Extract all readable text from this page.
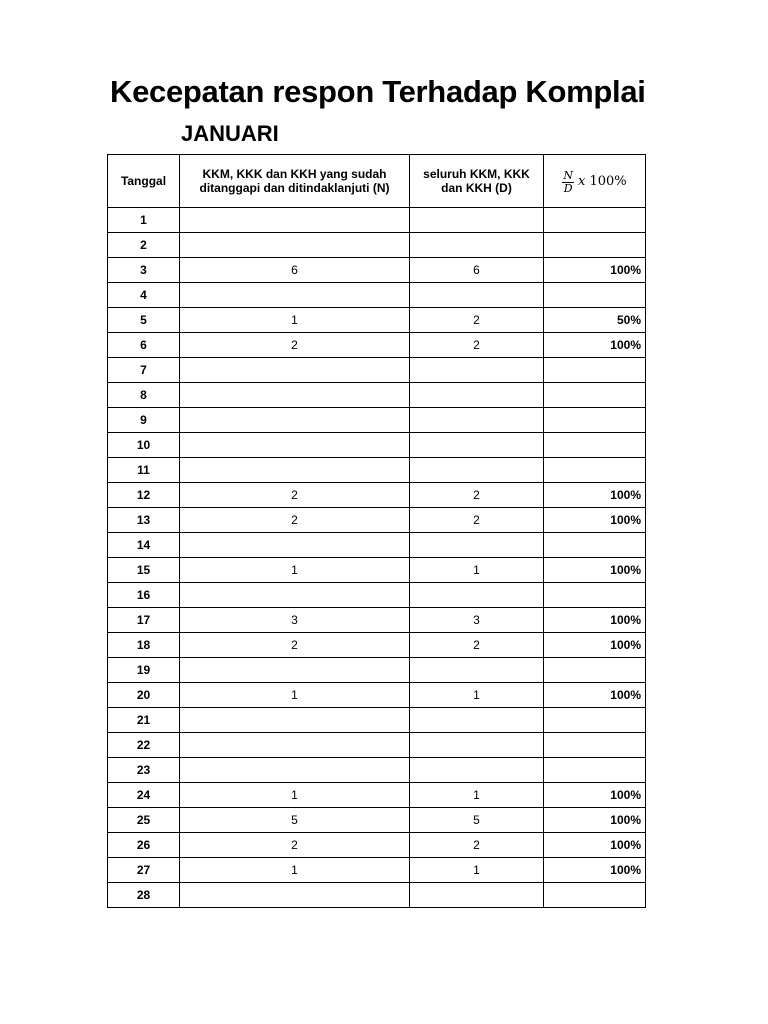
Kecepatan respon Terhadap Komplai
JANUARI
Tanggal	KKM, KKK dan KKH yang sudah ditanggapi dan ditindaklanjuti (N)	seluruh KKM, KKK dan KKH (D)	$\frac{N}{D}$ x 100%

1			
2			
3	6	6	100%
4			
5	1	2	50%
6	2	2	100%
7			
8			
9			
10			
11			
12	2	2	100%
13	2	2	100%
14			
15	1	1	100%
16			
17	3	3	100%
18	2	2	100%
19			
20	1	1	100%
21			
22			
23			
24	1	1	100%
25	5	5	100%
26	2	2	100%
27	1	1	100%
28			
